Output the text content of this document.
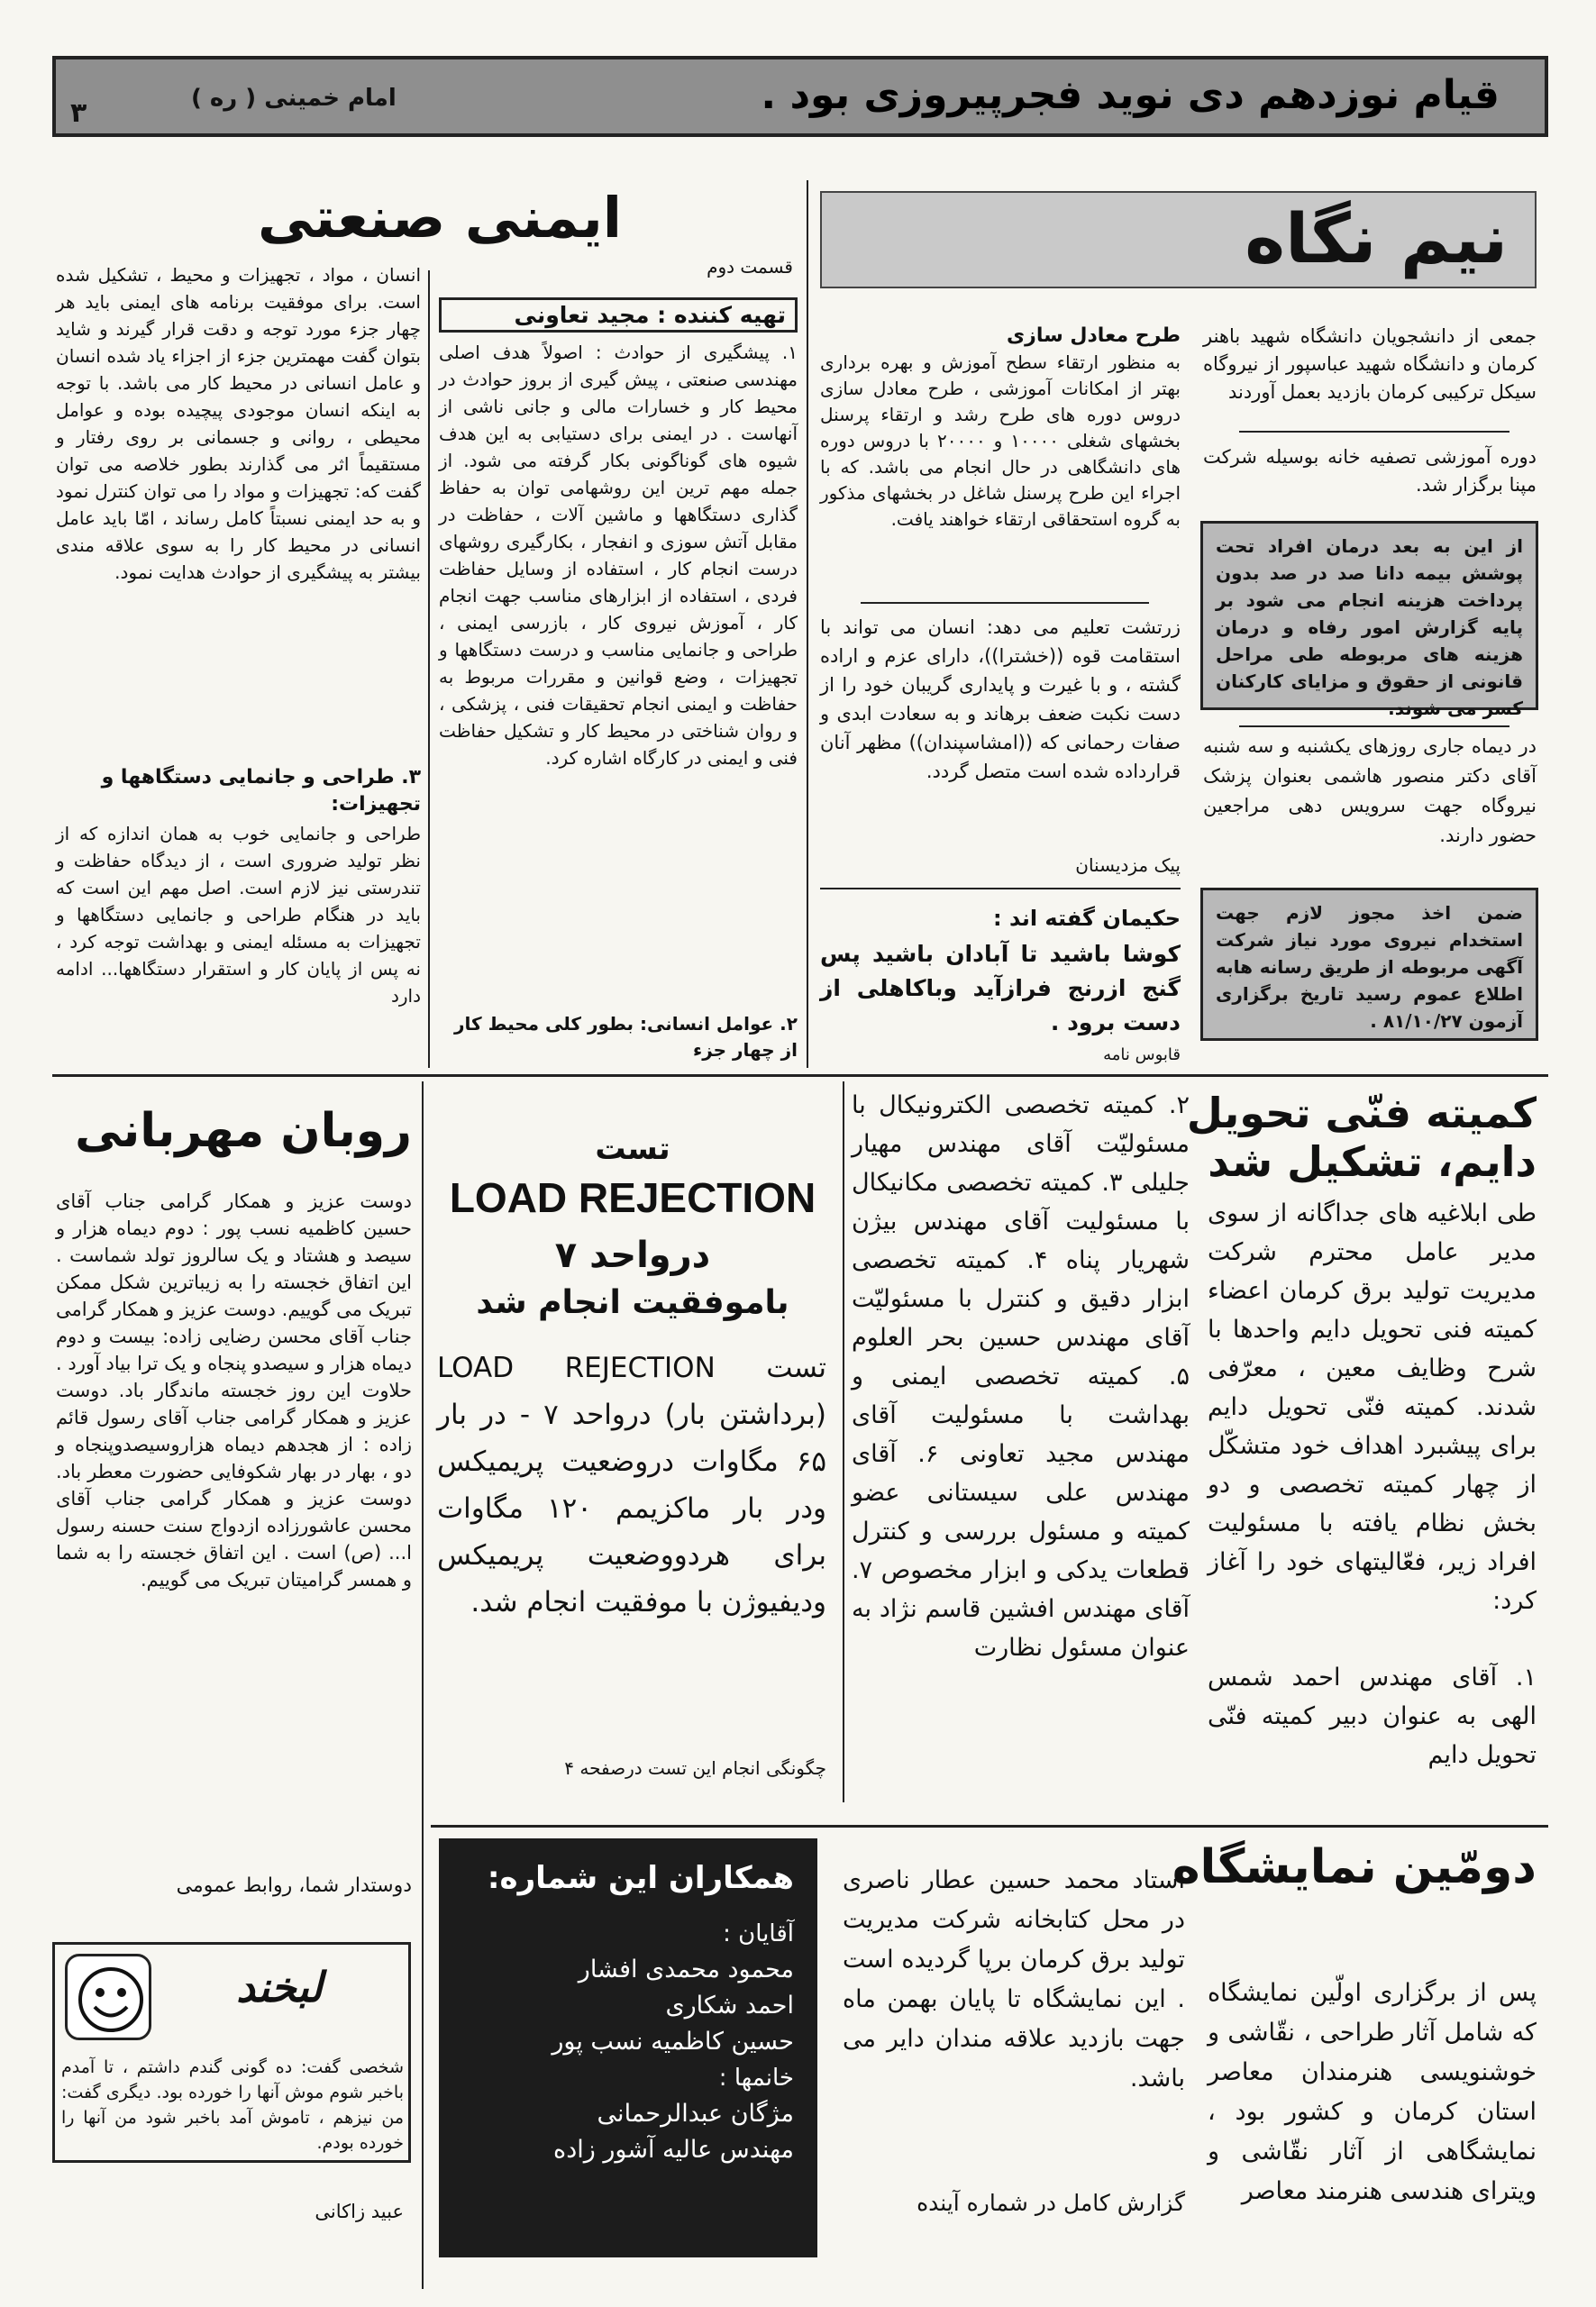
قیام نوزدهم دی نوید فجرپیروزی بود .
امام خمینی ( ره )
۳
نیم نگاه
جمعی از دانشجویان دانشگاه شهید باهنر کرمان و دانشگاه شهید عباسپور از نیروگاه سیکل ترکیبی کرمان بازدید بعمل آوردند
دوره آموزشی تصفیه خانه بوسیله شرکت مپنا برگزار شد.
از این به بعد درمان افراد تحت پوشش بیمه دانا صد در صد بدون پرداخت هزینه انجام می شود بر پایه گزارش امور رفاه و درمان هزینه های مربوطه طی مراحل قانونی از حقوق و مزایای کارکنان کسر می شوند.
در دیماه جاری روزهای یکشنبه و سه شنبه آقای دکتر منصور هاشمی بعنوان پزشک نیروگاه جهت سرویس دهی مراجعین حضور دارند.
ضمن اخذ مجوز لازم جهت استخدام نیروی مورد نیاز شرکت آگهی مربوطه از طریق رسانه هابه اطلاع عموم رسید تاریخ برگزاری آزمون ۸۱/۱۰/۲۷ .
طرح معادل سازی
به منظور ارتقاء سطح آموزش و بهره برداری بهتر از امکانات آموزشی ، طرح معادل سازی دروس دوره های طرح رشد و ارتقاء پرسنل بخشهای شغلی ۱۰۰۰۰ و ۲۰۰۰۰ با دروس دوره های دانشگاهی در حال انجام می باشد. که با اجراء این طرح پرسنل شاغل در بخشهای مذکور به گروه استحقاقی ارتقاء خواهند یافت.
زرتشت تعلیم می دهد: انسان می تواند با استقامت قوه ((خشترا))، دارای عزم و اراده گشته ، و با غیرت و پایداری گریبان خود را از دست نکبت ضعف برهاند و به سعادت ابدی و صفات رحمانی که ((امشاسپندان)) مظهر آنان قرارداده شده است متصل گردد.
پیک مزدیسنان
حکیمان گفته اند :
کوشا باشید تا آبادان باشید پس گنج ازرنج فرازآید وباکاهلی از دست برود .
قابوس نامه
ایمنی صنعتی
قسمت دوم
تهیه کننده : مجید تعاونی
۱. پیشگیری از حوادث : اصولاً هدف اصلی مهندسی صنعتی ، پیش گیری از بروز حوادث در محیط کار و خسارات مالی و جانی ناشی از آنهاست . در ایمنی برای دستیابی به این هدف شیوه های گوناگونی بکار گرفته می شود. از جمله مهم ترین این روشهامی توان به حفاظ گذاری دستگاهها و ماشین آلات ، حفاظت در مقابل آتش سوزی و انفجار ، بکارگیری روشهای درست انجام کار ، استفاده از وسایل حفاظت فردی ، استفاده از ابزارهای مناسب جهت انجام کار ، آموزش نیروی کار ، بازرسی ایمنی ، طراحی و جانمایی مناسب و درست دستگاهها و تجهیزات ، وضع قوانین و مقررات مربوط به حفاظت و ایمنی انجام تحقیقات فنی ، پزشکی ، و روان شناختی در محیط کار و تشکیل حفاظت فنی و ایمنی در کارگاه اشاره کرد.
۲. عوامل انسانی: بطور کلی محیط کار از چهار جزء
انسان ، مواد ، تجهیزات و محیط ، تشکیل شده است. برای موفقیت برنامه های ایمنی باید هر چهار جزء مورد توجه و دقت قرار گیرند و شاید بتوان گفت مهمترین جزء از اجزاء یاد شده انسان و عامل انسانی در محیط کار می باشد. با توجه به اینکه انسان موجودی پیچیده بوده و عوامل محیطی ، روانی و جسمانی بر روی رفتار و مستقیماً اثر می گذارند بطور خلاصه می توان گفت که: تجهیزات و مواد را می توان کنترل نمود و به حد ایمنی نسبتاً کامل رساند ، امّا باید عامل انسانی در محیط کار را به سوی علاقه مندی بیشتر به پیشگیری از حوادث هدایت نمود.
۳. طراحی و جانمایی دستگاهها و تجهیزات:
طراحی و جانمایی خوب به همان اندازه که از نظر تولید ضروری است ، از دیدگاه حفاظت و تندرستی نیز لازم است. اصل مهم این است که باید در هنگام طراحی و جانمایی دستگاهها و تجهیزات به مسئله ایمنی و بهداشت توجه کرد ، نه پس از پایان کار و استقرار دستگاهها... ادامه دارد
کمیته فنّی تحویل
دایم، تشکیل شد
طی ابلاغیه های جداگانه از سوی مدیر عامل محترم شرکت مدیریت تولید برق کرمان اعضاء کمیته فنی تحویل دایم واحدها با شرح وظایف معین ، معرّفی شدند. کمیته فنّی تحویل دایم برای پیشبرد اهداف خود متشکّل از چهار کمیته تخصصی و دو بخش نظام یافته با مسئولیت افراد زیر، فعّالیتهای خود را آغاز کرد:
۱. آقای مهندس احمد شمس الهی به عنوان دبیر کمیته فنّی تحویل دایم
۲. کمیته تخصصی الکترونیکال با مسئولیّت آقای مهندس مهیار جلیلی ۳. کمیته تخصصی مکانیکال با مسئولیت آقای مهندس بیژن شهریار پناه ۴. کمیته تخصصی ابزار دقیق و کنترل با مسئولیّت آقای مهندس حسین بحر العلوم ۵. کمیته تخصصی ایمنی و بهداشت با مسئولیت آقای مهندس مجید تعاونی ۶. آقای مهندس علی سیستانی عضو کمیته و مسئول بررسی و کنترل قطعات یدکی و ابزار مخصوص ۷. آقای مهندس افشین قاسم نژاد به عنوان مسئول نظارت
تست
LOAD REJECTION
درواحد ۷
باموفقیت انجام شد
تست LOAD REJECTION (برداشتن بار) درواحد ۷ - در بار ۶۵ مگاوات دروضعیت پریمیکس ودر بار ماکزیمم ۱۲۰ مگاوات برای هردووضعیت پریمیکس ودیفیوژن با موفقیت انجام شد.
چگونگی انجام این تست درصفحه ۴
روبان مهربانی
دوست عزیز و همکار گرامی جناب آقای حسین کاظمیه نسب پور : دوم دیماه هزار و سیصد و هشتاد و یک سالروز تولد شماست . این اتفاق خجسته را به زیباترین شکل ممکن تبریک می گوییم. دوست عزیز و همکار گرامی جناب آقای محسن رضایی زاده: بیست و دوم دیماه هزار و سیصدو پنجاه و یک ترا بیاد آورد . حلاوت این روز خجسته ماندگار باد. دوست عزیز و همکار گرامی جناب آقای رسول قائم زاده : از هجدهم دیماه هزاروسیصدوپنجاه و دو ، بهار در بهار شکوفایی حضورت معطر باد. دوست عزیز و همکار گرامی جناب آقای محسن عاشورزاده ازدواج سنت حسنه رسول ا... (ص) است . این اتفاق خجسته را به شما و همسر گرامیتان تبریک می گوییم.
دوستدار شما، روابط عمومی
لبخند
شخصی گفت: ده گونی گندم داشتم ، تا آمدم باخبر شوم موش آنها را خورده بود. دیگری گفت: من نیزهم ، تاموش آمد باخبر شود من آنها را خورده بودم.
عبید زاکانی
همکاران این شماره:
آقایان :
محمود محمدی افشار
احمد شکاری
حسین کاظمیه نسب پور
خانمها :
مژگان عبدالرحمانی
مهندس عالیه آشور زاده
دومّین نمایشگاه
پس از برگزاری اولّین نمایشگاه که شامل آثار طراحی ، نقّاشی و خوشنویسی هنرمندان معاصر استان کرمان و کشور بود ، نمایشگاهی از آثار نقّاشی و ویترای هندسی هنرمند معاصر
استاد محمد حسین عطار ناصری در محل کتابخانه شرکت مدیریت تولید برق کرمان برپا گردیده است . این نمایشگاه تا پایان بهمن ماه جهت بازدید علاقه مندان دایر می باشد.
گزارش کامل در شماره آینده
